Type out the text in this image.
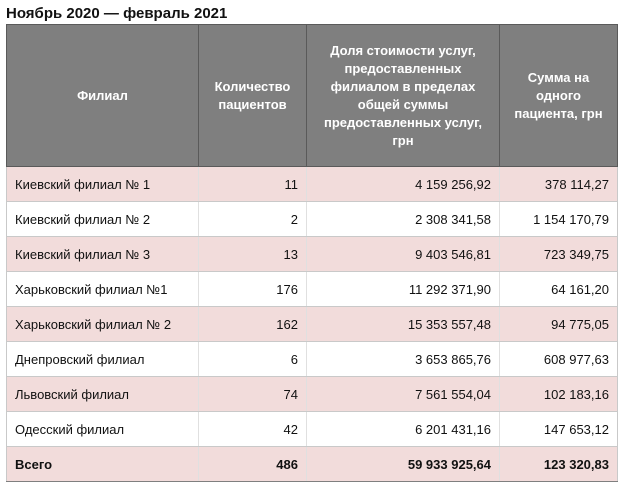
Ноябрь 2020 — февраль 2021
Филиал	Количество пациентов	Доля стоимости услуг, предоставленных филиалом в пределах общей суммы предоставленных услуг, грн	Сумма на одного пациента, грн
Киевский филиал № 1	11	4 159 256,92	378 114,27
Киевский филиал № 2	2	2 308 341,58	1 154 170,79
Киевский филиал № 3	13	9 403 546,81	723 349,75
Харьковский филиал №1	176	11 292 371,90	64 161,20
Харьковский филиал № 2	162	15 353 557,48	94 775,05
Днепровский филиал	6	3 653 865,76	608 977,63
Львовский филиал	74	7 561 554,04	102 183,16
Одесский филиал	42	6 201 431,16	147 653,12
Всего	486	59 933 925,64	123 320,83
